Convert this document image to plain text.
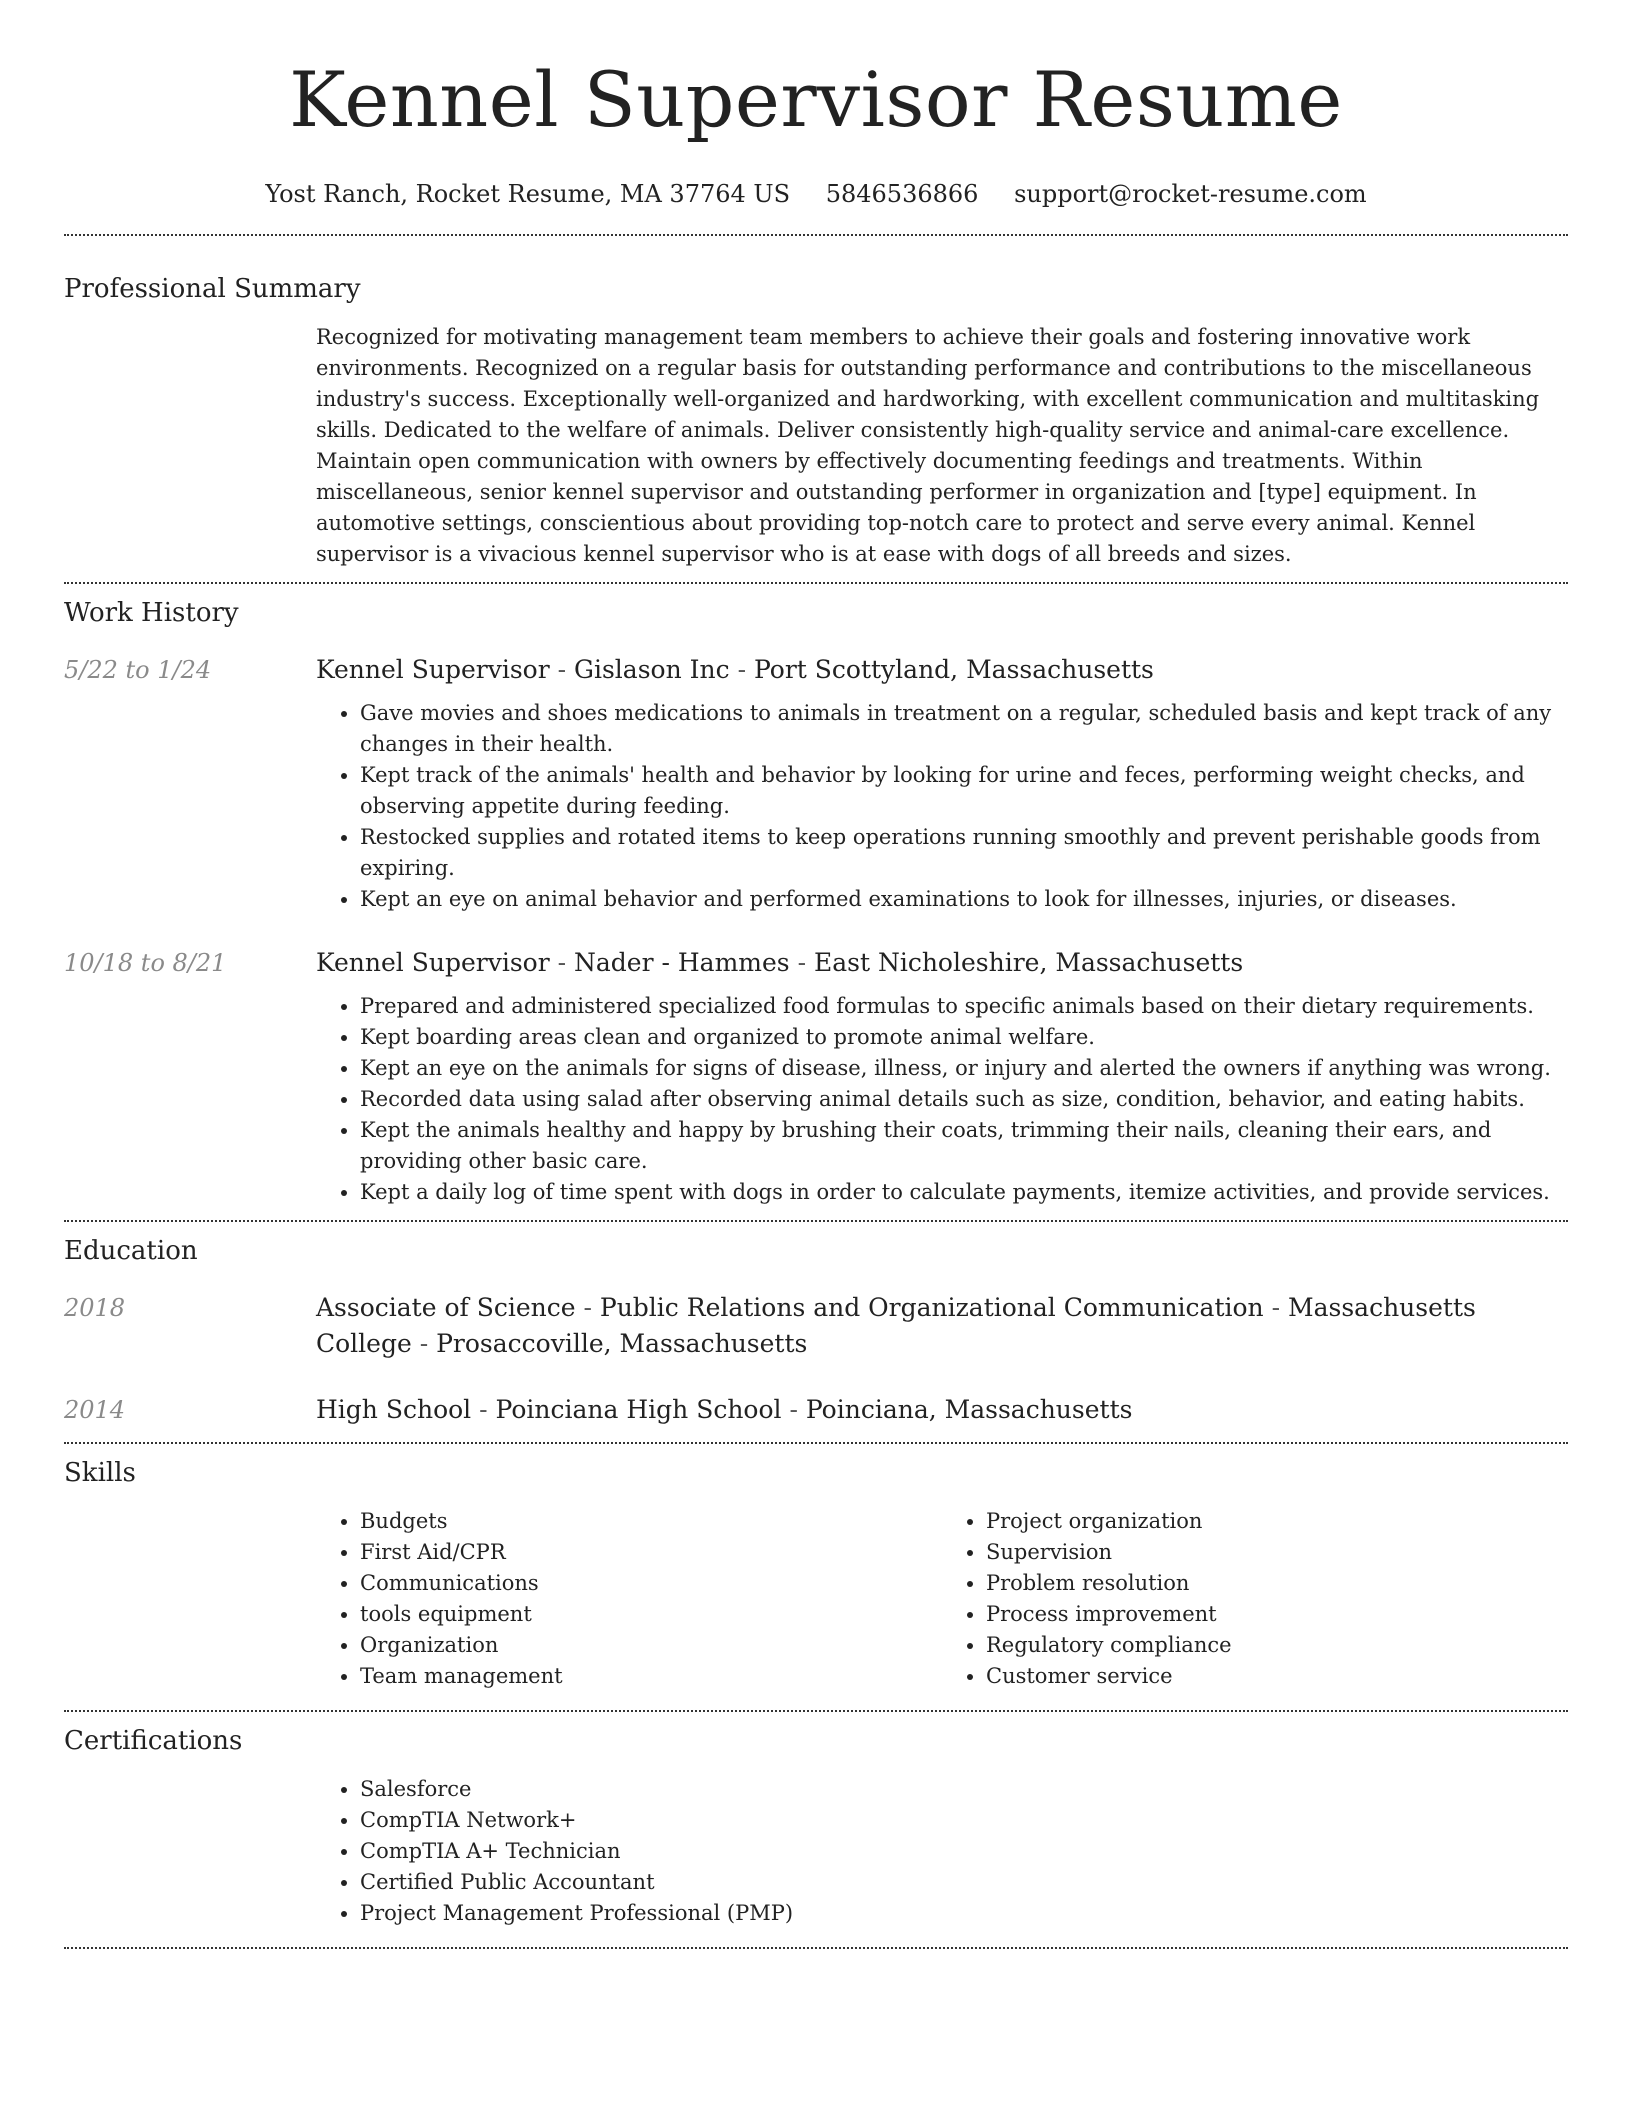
Kennel Supervisor Resume
Yost Ranch, Rocket Resume, MA 37764 US 5846536866 support@rocket-resume.com
Professional Summary

Recognized for motivating management team members to achieve their goals and fostering innovative work environments. Recognized on a regular basis for outstanding performance and contributions to the miscellaneous industry's success. Exceptionally well-organized and hardworking, with excellent communication and multitasking skills. Dedicated to the welfare of animals. Deliver consistently high-quality service and animal-care excellence. Maintain open communication with owners by effectively documenting feedings and treatments. Within miscellaneous, senior kennel supervisor and outstanding performer in organization and [type] equipment. In automotive settings, conscientious about providing top-notch care to protect and serve every animal. Kennel supervisor is a vivacious kennel supervisor who is at ease with dogs of all breeds and sizes.

Work History
5/22 to 1/24	Kennel Supervisor - Gislason Inc - Port Scottyland, Massachusetts
• Gave movies and shoes medications to animals in treatment on a regular, scheduled basis and kept track of any changes in their health.
• Kept track of the animals' health and behavior by looking for urine and feces, performing weight checks, and observing appetite during feeding.
• Restocked supplies and rotated items to keep operations running smoothly and prevent perishable goods from expiring.
• Kept an eye on animal behavior and performed examinations to look for illnesses, injuries, or diseases.
10/18 to 8/21	Kennel Supervisor - Nader - Hammes - East Nicholeshire, Massachusetts
• Prepared and administered specialized food formulas to specific animals based on their dietary requirements.
• Kept boarding areas clean and organized to promote animal welfare.
• Kept an eye on the animals for signs of disease, illness, or injury and alerted the owners if anything was wrong.
• Recorded data using salad after observing animal details such as size, condition, behavior, and eating habits.
• Kept the animals healthy and happy by brushing their coats, trimming their nails, cleaning their ears, and providing other basic care.
• Kept a daily log of time spent with dogs in order to calculate payments, itemize activities, and provide services.
Education
2018	Associate of Science - Public Relations and Organizational Communication - Massachusetts College - Prosaccoville, Massachusetts
2014	High School - Poinciana High School - Poinciana, Massachusetts
Skills
• Budgets
• First Aid/CPR
• Communications
• tools equipment
• Organization
• Team management
• Project organization
• Supervision
• Problem resolution
• Process improvement
• Regulatory compliance
• Customer service
Certifications
• Salesforce
• CompTIA Network+
• CompTIA A+ Technician
• Certified Public Accountant
• Project Management Professional (PMP)
